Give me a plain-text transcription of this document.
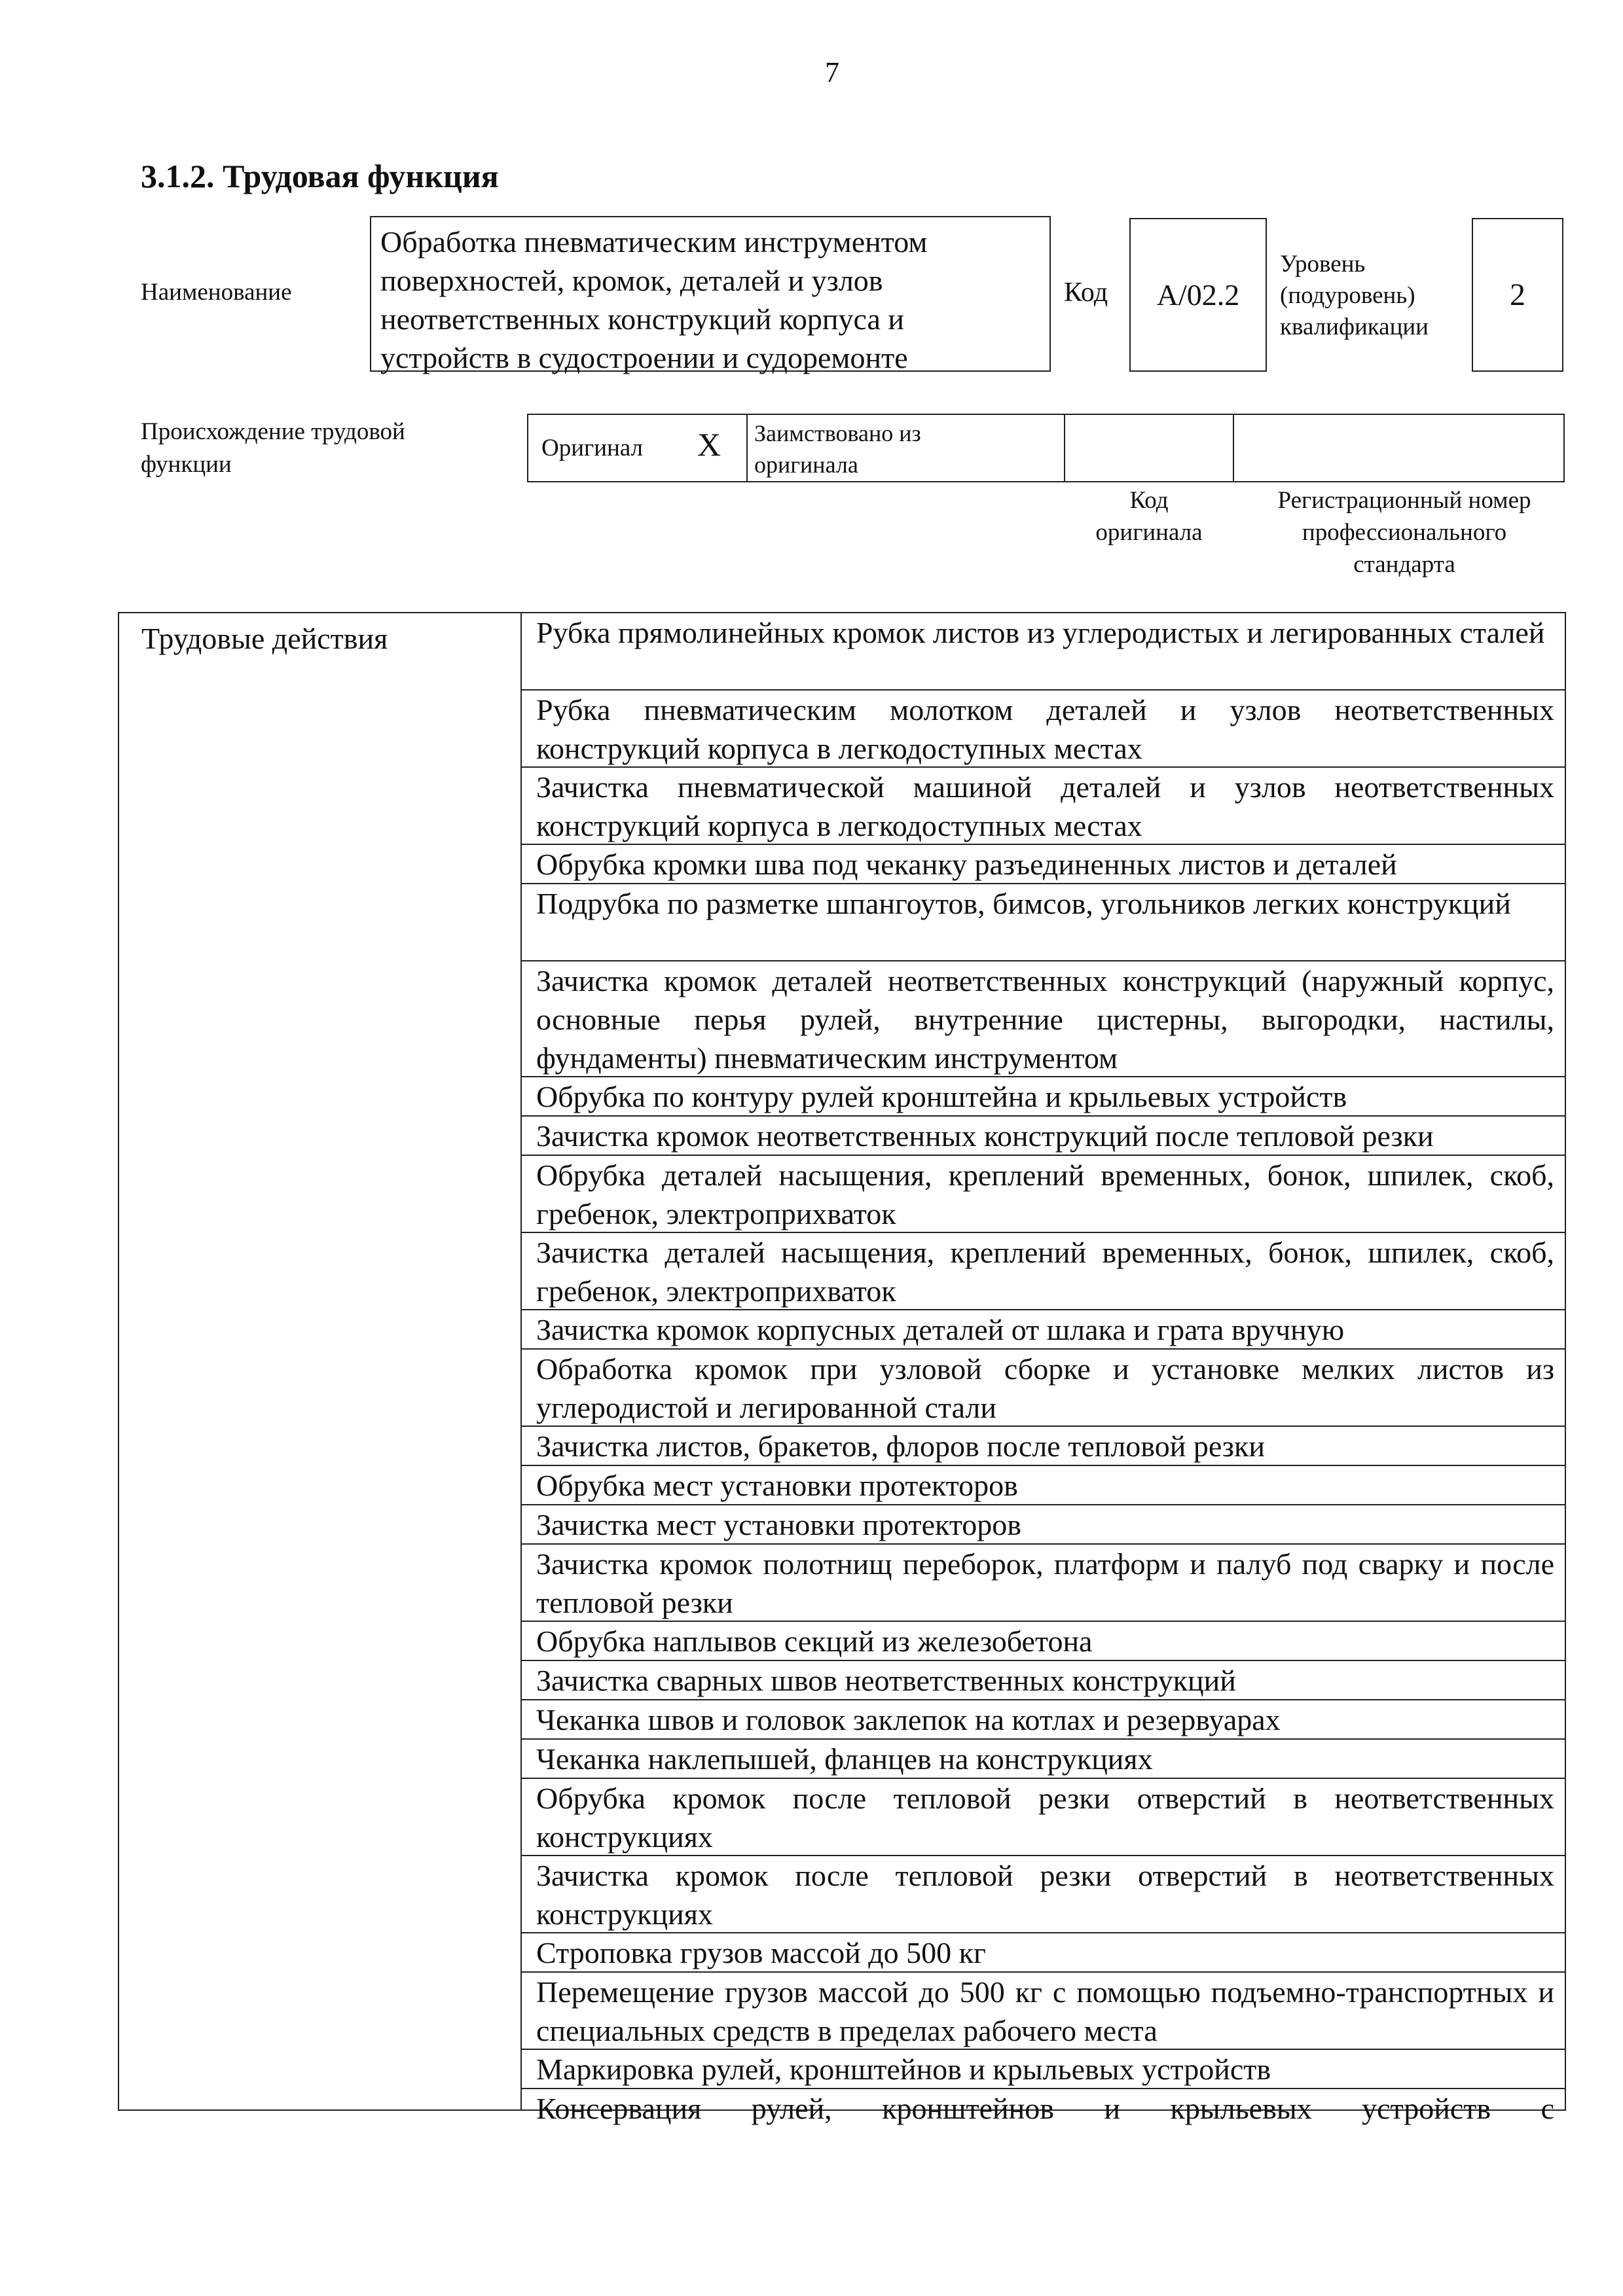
7
3.1.2. Трудовая функция
Наименование
Обработка пневматическим инструментом поверхностей, кромок, деталей и узлов неответственных конструкций корпуса и устройств в судостроении и судоремонте
Код A/02.2
Уровень
(подуровень)
квалификации
2
Происхождение трудовой
функции
Оригинал
Заимствовано из
оригинала
X
Код
оригинала
Регистрационный номер
профессионального
стандарта
Трудовые действия	Рубка прямолинейных кромок листов из углеродистых и легированных сталей
Рубка пневматическим молотком деталей и узлов неответственных конструкций корпуса в легкодоступных местах
Зачистка пневматической машиной деталей и узлов неответственных конструкций корпуса в легкодоступных местах
Обрубка кромки шва под чеканку разъединенных листов и деталей
Подрубка по разметке шпангоутов, бимсов, угольников легких конструкций
Зачистка кромок деталей неответственных конструкций (наружный корпус, основные перья рулей, внутренние цистерны, выгородки, настилы, фундаменты) пневматическим инструментом
Обрубка по контуру рулей кронштейна и крыльевых устройств
Зачистка кромок неответственных конструкций после тепловой резки
Обрубка деталей насыщения, креплений временных, бонок, шпилек, скоб, гребенок, электроприхваток
Зачистка деталей насыщения, креплений временных, бонок, шпилек, скоб, гребенок, электроприхваток
Зачистка кромок корпусных деталей от шлака и грата вручную
Обработка кромок при узловой сборке и установке мелких листов из углеродистой и легированной стали
Зачистка листов, бракетов, флоров после тепловой резки
Обрубка мест установки протекторов
Зачистка мест установки протекторов
Зачистка кромок полотнищ переборок, платформ и палуб под сварку и после тепловой резки
Обрубка наплывов секций из железобетона
Зачистка сварных швов неответственных конструкций
Чеканка швов и головок заклепок на котлах и резервуарах
Чеканка наклепышей, фланцев на конструкциях
Обрубка кромок после тепловой резки отверстий в неответственных конструкциях
Зачистка кромок после тепловой резки отверстий в неответственных конструкциях
Строповка грузов массой до 500 кг
Перемещение грузов массой до 500 кг с помощью подъемно-транспортных и специальных средств в пределах рабочего места
Маркировка рулей, кронштейнов и крыльевых устройств
Консервация рулей, кронштейнов и крыльевых устройств с
